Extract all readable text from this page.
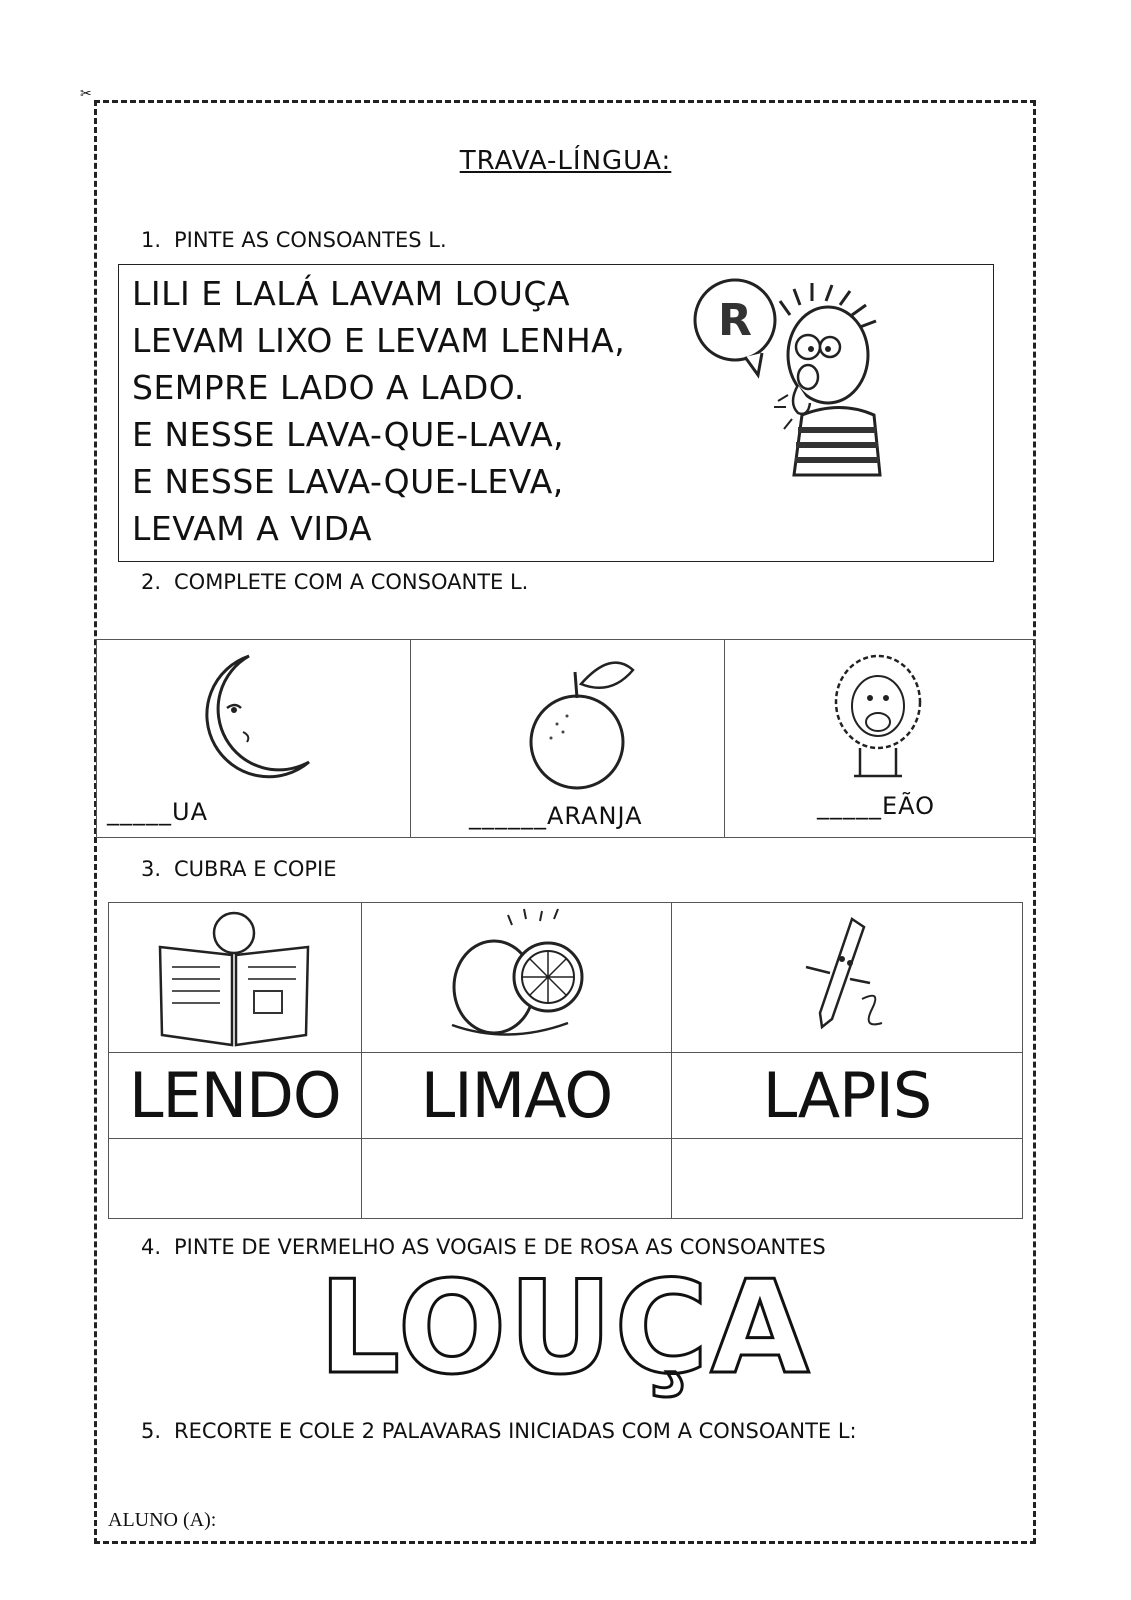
✂
TRAVA-LÍNGUA:
1. PINTE AS CONSOANTES L.
LILI E LALÁ LAVAM LOUÇA
LEVAM LIXO E LEVAM LENHA,
SEMPRE LADO A LADO.
E NESSE LAVA-QUE-LAVA,
E NESSE LAVA-QUE-LEVA,
LEVAM A VIDA
R
2. COMPLETE COM A CONSOANTE L.
_____UA	______ARANJA	_____EÃO
3. CUBRA E COPIE

LENDO	LIMAO	LAPIS

4. PINTE DE VERMELHO AS VOGAIS E DE ROSA AS CONSOANTES
LOUÇA
5. RECORTE E COLE 2 PALAVARAS INICIADAS COM A CONSOANTE L:
ALUNO (A):
